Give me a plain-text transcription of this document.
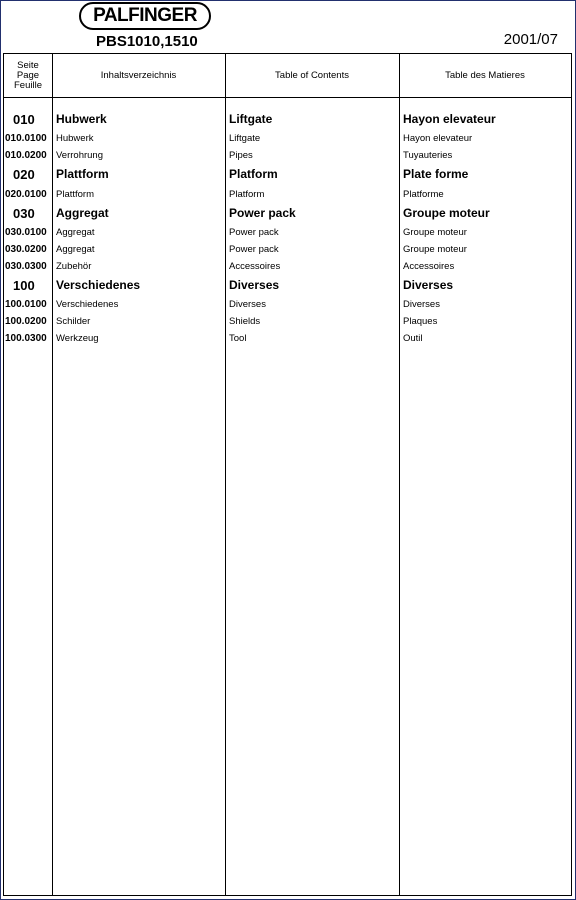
PALFINGER
PBS1010,1510	2001/07
Seite
Page
Feuille
Inhaltsverzeichnis	Table of Contents	Table des Matieres
010 Hubwerk	Liftgate	Hayon elevateur
010.0100 Hubwerk	Liftgate	Hayon elevateur
010.0200 Verrohrung	Pipes	Tuyauteries
020 Plattform	Platform	Plate forme
020.0100 Plattform	Platform	Platforme
030 Aggregat	Power pack	Groupe moteur
030.0100 Aggregat	Power pack	Groupe moteur
030.0200 Aggregat	Power pack	Groupe moteur
030.0300 Zubehör	Accessoires	Accessoires
100 Verschiedenes	Diverses	Diverses
100.0100 Verschiedenes	Diverses	Diverses
100.0200 Schilder	Shields	Plaques
100.0300 Werkzeug	Tool	Outil
